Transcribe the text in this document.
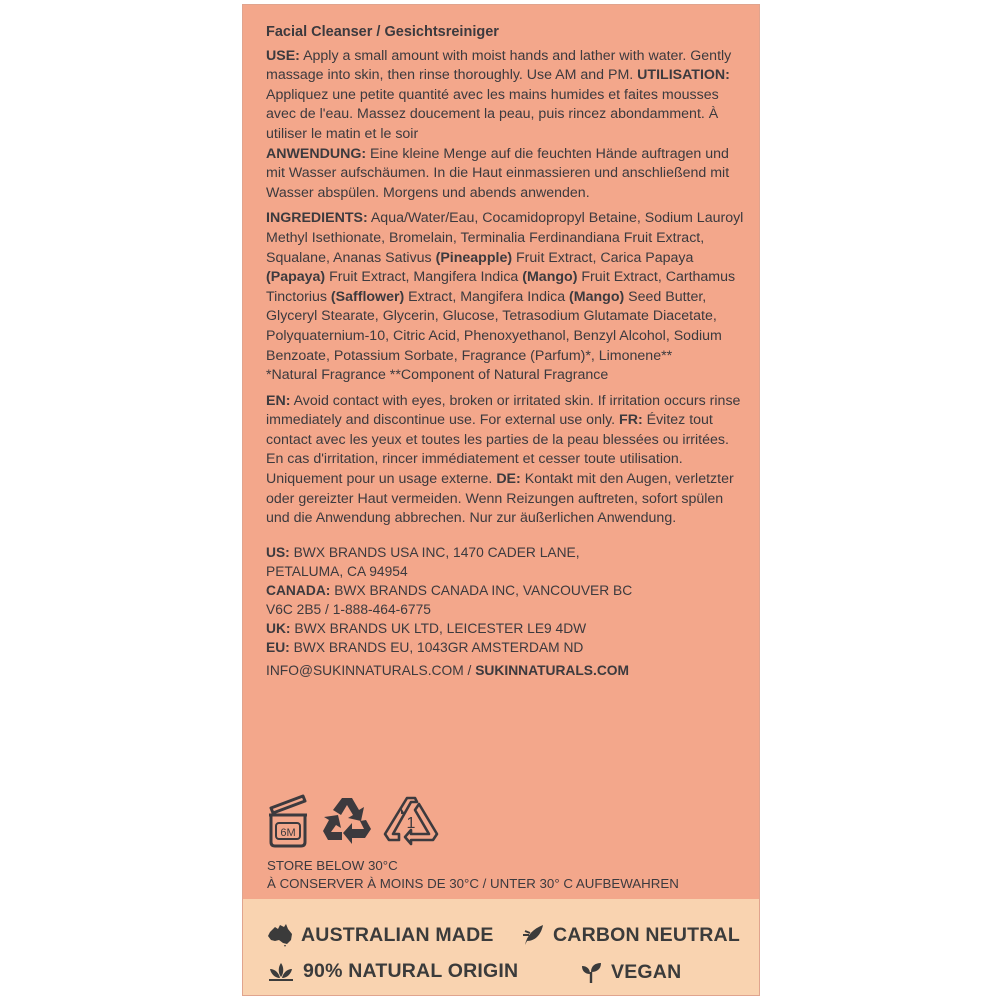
Facial Cleanser / Gesichtsreiniger

USE: Apply a small amount with moist hands and lather with water. Gently massage into skin, then rinse thoroughly. Use AM and PM. UTILISATION: Appliquez une petite quantité avec les mains humides et faites mousses avec de l'eau. Massez doucement la peau, puis rincez abondamment. À utiliser le matin et le soir
ANWENDUNG: Eine kleine Menge auf die feuchten Hände auftragen und mit Wasser aufschäumen. In die Haut einmassieren und anschließend mit Wasser abspülen. Morgens und abends anwenden.

INGREDIENTS: Aqua/Water/Eau, Cocamidopropyl Betaine, Sodium Lauroyl Methyl Isethionate, Bromelain, Terminalia Ferdinandiana Fruit Extract, Squalane, Ananas Sativus (Pineapple) Fruit Extract, Carica Papaya (Papaya) Fruit Extract, Mangifera Indica (Mango) Fruit Extract, Carthamus Tinctorius (Safflower) Extract, Mangifera Indica (Mango) Seed Butter, Glyceryl Stearate, Glycerin, Glucose, Tetrasodium Glutamate Diacetate, Polyquaternium-10, Citric Acid, Phenoxyethanol, Benzyl Alcohol, Sodium Benzoate, Potassium Sorbate, Fragrance (Parfum)*, Limonene**
*Natural Fragrance **Component of Natural Fragrance

EN: Avoid contact with eyes, broken or irritated skin. If irritation occurs rinse immediately and discontinue use. For external use only. FR: Évitez tout contact avec les yeux et toutes les parties de la peau blessées ou irritées. En cas d'irritation, rincer immédiatement et cesser toute utilisation. Uniquement pour un usage externe. DE: Kontakt mit den Augen, verletzter oder gereizter Haut vermeiden. Wenn Reizungen auftreten, sofort spülen und die Anwendung abbrechen. Nur zur äußerlichen Anwendung.

US: BWX BRANDS USA INC, 1470 CADER LANE,
PETALUMA, CA 94954
CANADA: BWX BRANDS CANADA INC, VANCOUVER BC
V6C 2B5 / 1-888-464-6775
UK: BWX BRANDS UK LTD, LEICESTER LE9 4DW
EU: BWX BRANDS EU, 1043GR AMSTERDAM ND
INFO@SUKINNATURALS.COM / SUKINNATURALS.COM

6M
1

STORE BELOW 30°C

À CONSERVER À MOINS DE 30°C / UNTER 30° C AUFBEWAHREN

AUSTRALIAN MADE	CARBON NEUTRAL
90% NATURAL ORIGIN	VEGAN
